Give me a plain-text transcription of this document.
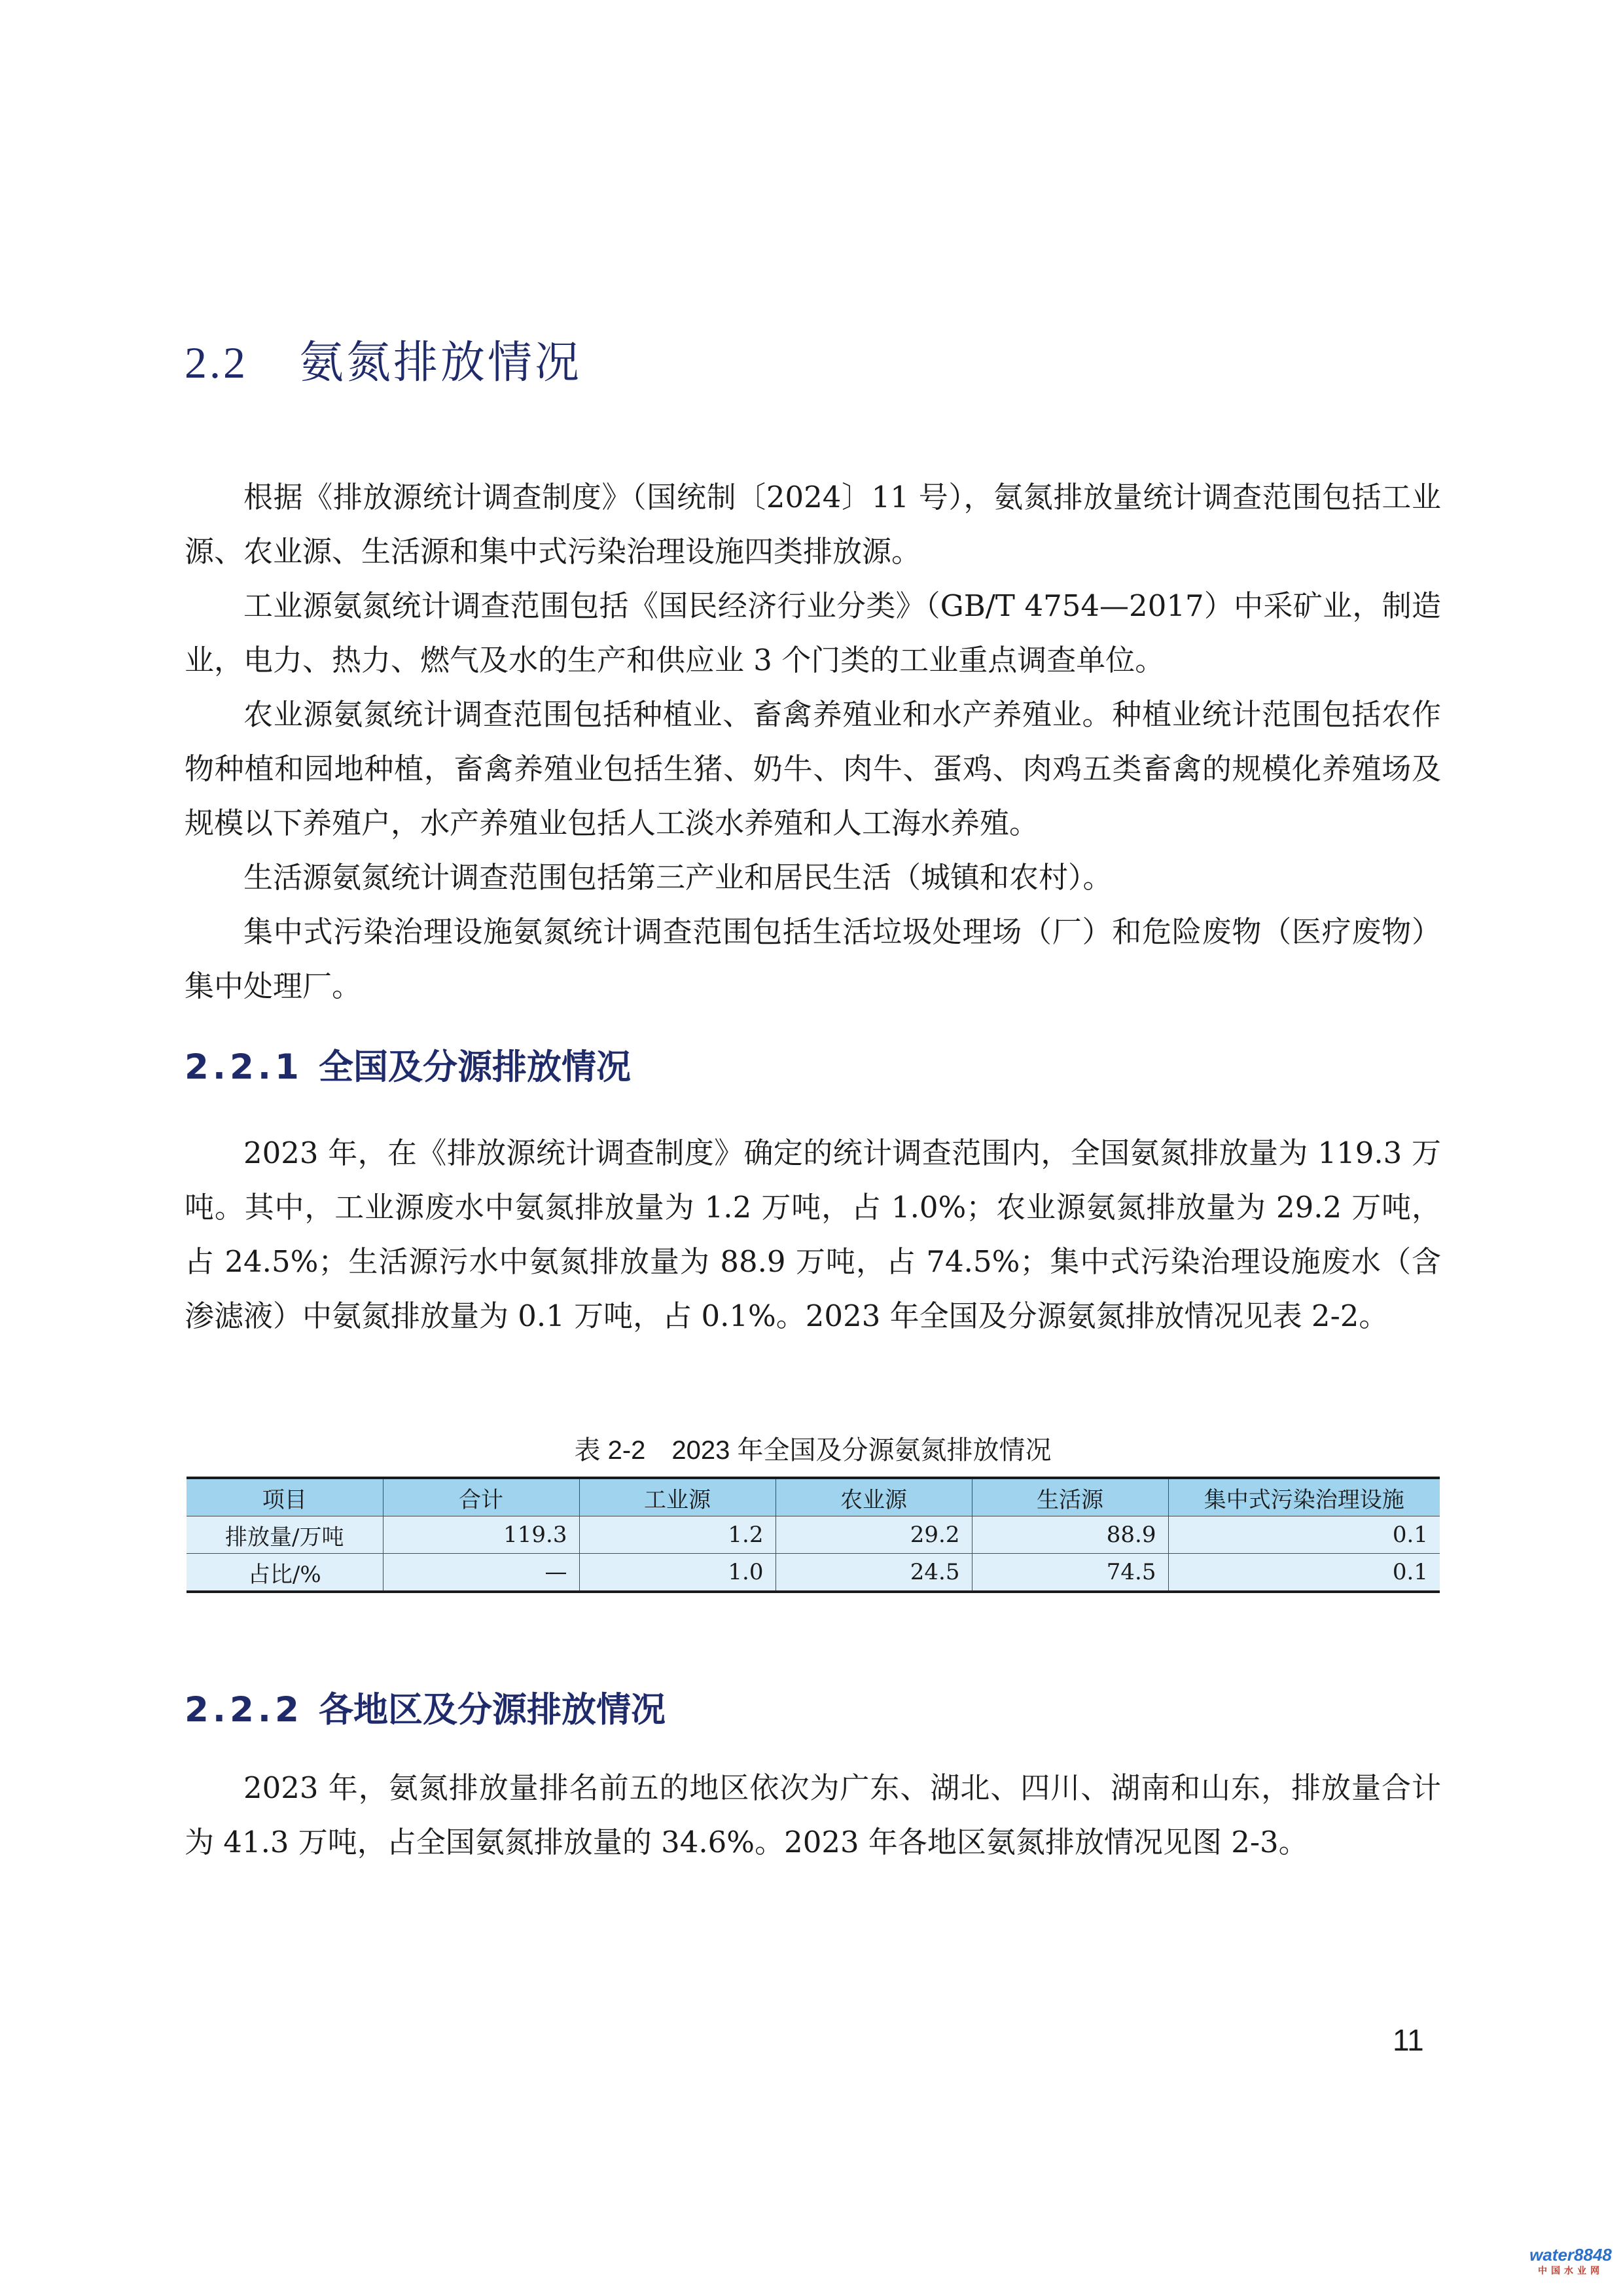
2.2 氨氮排放情况

根据《排放源统计调查制度》（国统制〔2024〕11 号），氨氮排放量统计调查范围包括工业源、农业源、生活源和集中式污染治理设施四类排放源。

工业源氨氮统计调查范围包括《国民经济行业分类》（GB/T 4754—2017）中采矿业，制造业，电力、热力、燃气及水的生产和供应业 3 个门类的工业重点调查单位。

农业源氨氮统计调查范围包括种植业、畜禽养殖业和水产养殖业。种植业统计范围包括农作物种植和园地种植，畜禽养殖业包括生猪、奶牛、肉牛、蛋鸡、肉鸡五类畜禽的规模化养殖场及规模以下养殖户，水产养殖业包括人工淡水养殖和人工海水养殖。

生活源氨氮统计调查范围包括第三产业和居民生活（城镇和农村）。

集中式污染治理设施氨氮统计调查范围包括生活垃圾处理场（厂）和危险废物（医疗废物）集中处理厂。

2.2.1 全国及分源排放情况

2023 年，在《排放源统计调查制度》确定的统计调查范围内，全国氨氮排放量为 119.3 万吨。其中，工业源废水中氨氮排放量为 1.2 万吨，占 1.0%；农业源氨氮排放量为 29.2 万吨，占 24.5%；生活源污水中氨氮排放量为 88.9 万吨，占 74.5%；集中式污染治理设施废水（含渗滤液）中氨氮排放量为 0.1 万吨，占 0.1%。2023 年全国及分源氨氮排放情况见表 2-2。

表 2-2　2023 年全国及分源氨氮排放情况

项目	合计	工业源	农业源	生活源	集中式污染治理设施
排放量/万吨	119.3	1.2	29.2	88.9	0.1
占比/%	—	1.0	24.5	74.5	0.1
2.2.2 各地区及分源排放情况

2023 年，氨氮排放量排名前五的地区依次为广东、湖北、四川、湖南和山东，排放量合计为 41.3 万吨，占全国氨氮排放量的 34.6%。2023 年各地区氨氮排放情况见图 2-3。

11

water8848
中国水业网
